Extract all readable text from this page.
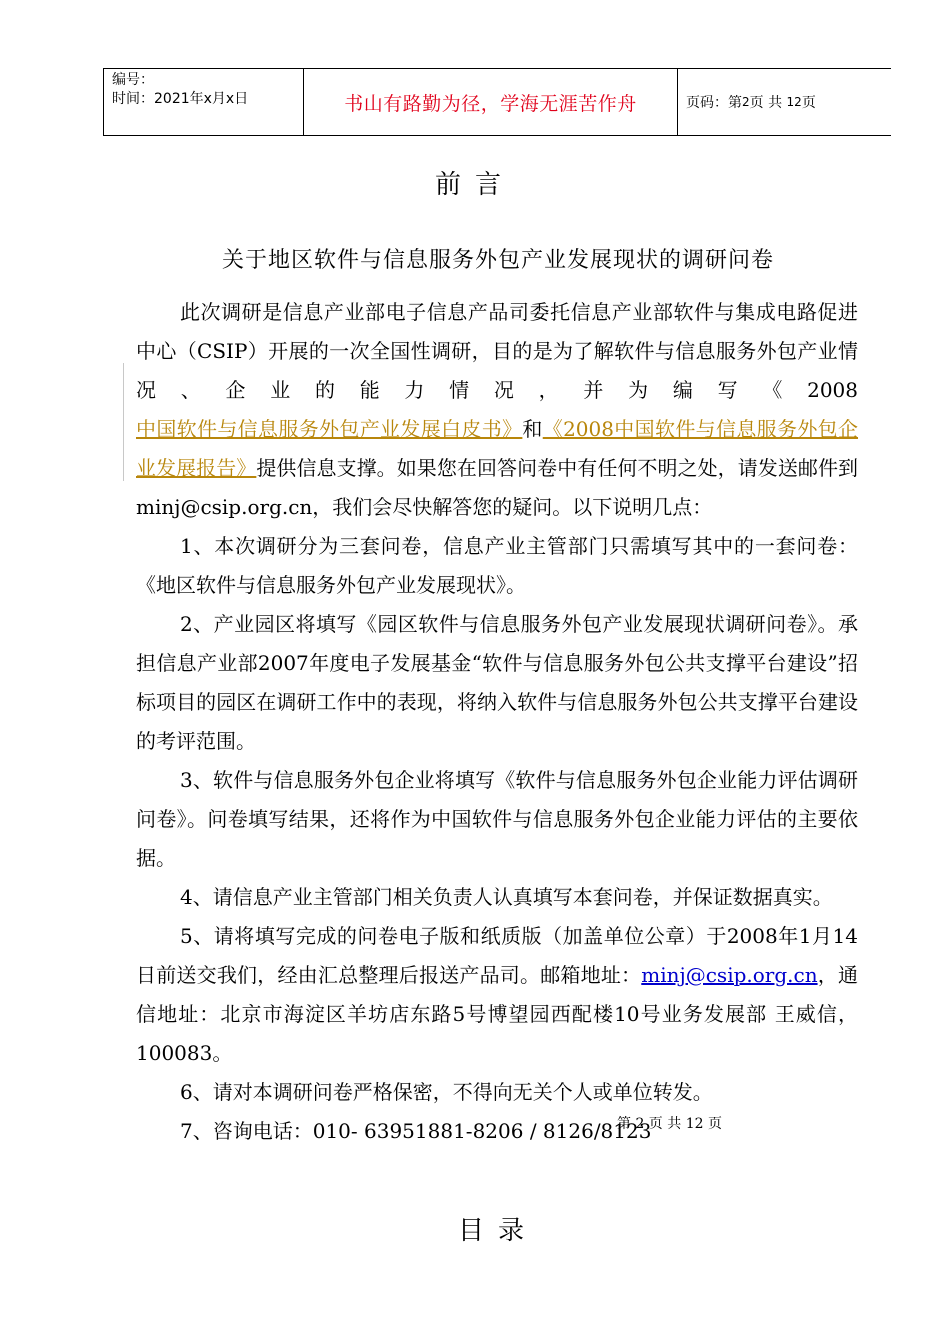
编号：
时间：2021年x月x日	书山有路勤为径，学海无涯苦作舟	页码：第 2 页 共
12 页
前言
关于地区软件与信息服务外包产业发展现状的调研问卷

此次调研是信息产业部电子信息产品司委托信息产业部软件与集成电路促进中心（CSIP）开展的一次全国性调研，目的是为了解软件与信息服务外包产业情况、企业的能力情况，并为编写《2008中国软件与信息服务外包产业发展白皮书》和《2008中国软件与信息服务外包企业发展报告》提供信息支撑。如果您在回答问卷中有任何不明之处，请发送邮件到minj@csip.org.cn，我们会尽快解答您的疑问。以下说明几点：

1、本次调研分为三套问卷，信息产业主管部门只需填写其中的一套问卷：《地区软件与信息服务外包产业发展现状》。

2、产业园区将填写《园区软件与信息服务外包产业发展现状调研问卷》。承担信息产业部2007年度电子发展基金“软件与信息服务外包公共支撑平台建设”招标项目的园区在调研工作中的表现，将纳入软件与信息服务外包公共支撑平台建设的考评范围。

3、软件与信息服务外包企业将填写《软件与信息服务外包企业能力评估调研问卷》。问卷填写结果，还将作为中国软件与信息服务外包企业能力评估的主要依据。

4、请信息产业主管部门相关负责人认真填写本套问卷，并保证数据真实。

5、请将填写完成的问卷电子版和纸质版（加盖单位公章）于2008年1月14日前送交我们，经由汇总整理后报送产品司。邮箱地址：minj@csip.org.cn，通信地址：北京市海淀区羊坊店东路5号博望园西配楼10号业务发展部 王威信，100083。

6、请对本调研问卷严格保密，不得向无关个人或单位转发。

7、咨询电话：010- 63951881-8206 / 8126/8123

第 2 页 共 12 页
目录
